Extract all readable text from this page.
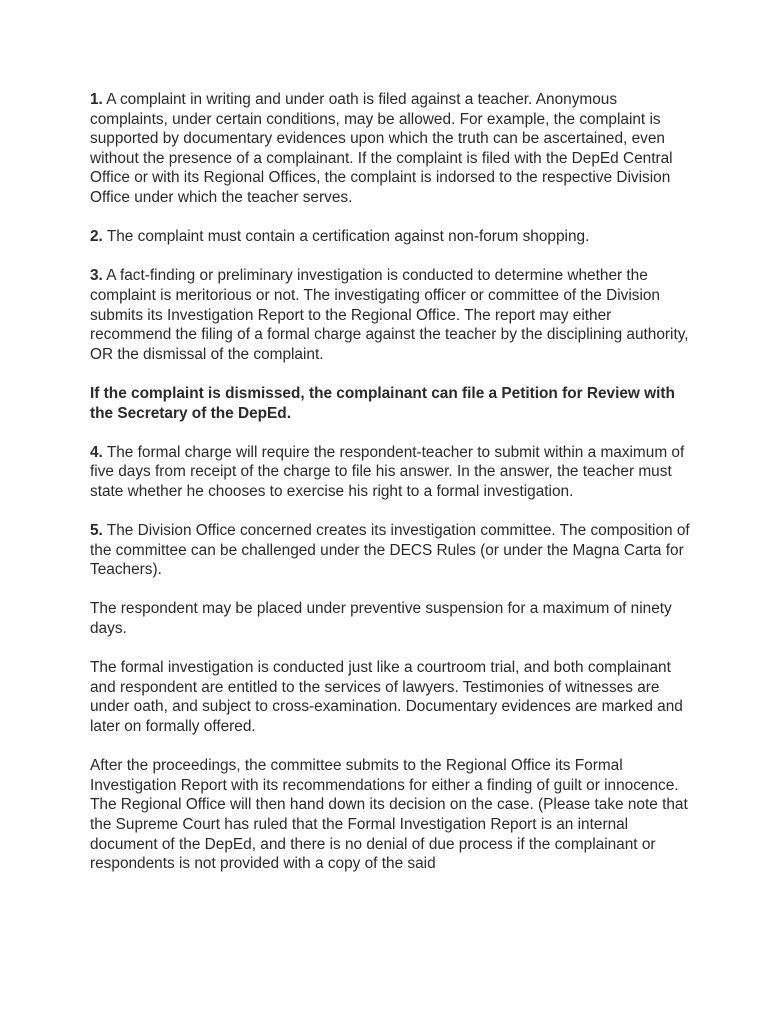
1. A complaint in writing and under oath is filed against a teacher. Anonymous complaints, under certain conditions, may be allowed. For example, the complaint is supported by documentary evidences upon which the truth can be ascertained, even without the presence of a complainant. If the complaint is filed with the DepEd Central Office or with its Regional Offices, the complaint is indorsed to the respective Division Office under which the teacher serves.

2. The complaint must contain a certification against non-forum shopping.

3. A fact-finding or preliminary investigation is conducted to determine whether the complaint is meritorious or not. The investigating officer or committee of the Division submits its Investigation Report to the Regional Office. The report may either recommend the filing of a formal charge against the teacher by the disciplining authority, OR the dismissal of the complaint.

If the complaint is dismissed, the complainant can file a Petition for Review with the Secretary of the DepEd.

4. The formal charge will require the respondent-teacher to submit within a maximum of five days from receipt of the charge to file his answer. In the answer, the teacher must state whether he chooses to exercise his right to a formal investigation.

5. The Division Office concerned creates its investigation committee. The composition of the committee can be challenged under the DECS Rules (or under the Magna Carta for Teachers).

The respondent may be placed under preventive suspension for a maximum of ninety days.

The formal investigation is conducted just like a courtroom trial, and both complainant and respondent are entitled to the services of lawyers. Testimonies of witnesses are under oath, and subject to cross-examination. Documentary evidences are marked and later on formally offered.

After the proceedings, the committee submits to the Regional Office its Formal Investigation Report with its recommendations for either a finding of guilt or innocence. The Regional Office will then hand down its decision on the case. (Please take note that the Supreme Court has ruled that the Formal Investigation Report is an internal document of the DepEd, and there is no denial of due process if the complainant or respondents is not provided with a copy of the said
